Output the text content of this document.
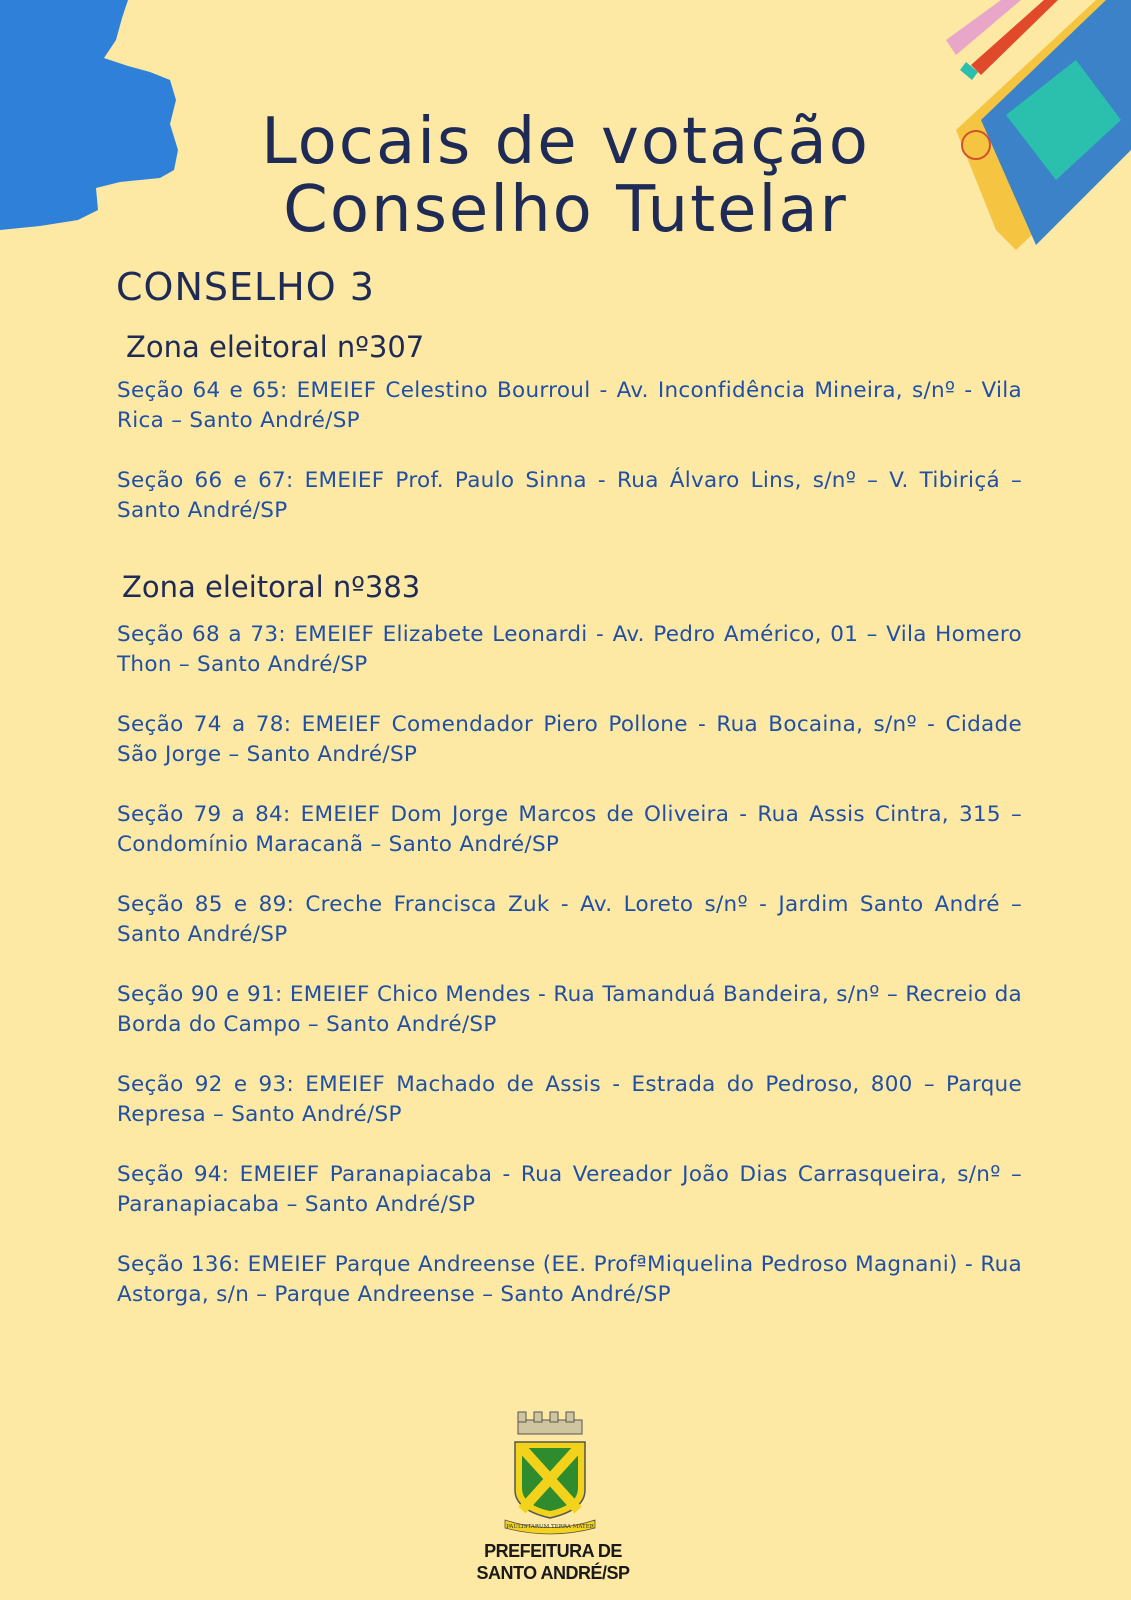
Locais de votação
Conselho Tutelar
CONSELHO 3
Zona eleitoral nº307
Seção 64 e 65: EMEIEF Celestino Bourroul - Av. Inconfidência Mineira, s/nº - Vila Rica – Santo André/SP
Seção 66 e 67: EMEIEF Prof. Paulo Sinna - Rua Álvaro Lins, s/nº – V. Tibiriçá – Santo André/SP
Zona eleitoral nº383
Seção 68 a 73: EMEIEF Elizabete Leonardi - Av. Pedro Américo, 01 – Vila Homero Thon – Santo André/SP
Seção 74 a 78: EMEIEF Comendador Piero Pollone - Rua Bocaina, s/nº - Cidade São Jorge – Santo André/SP
Seção 79 a 84: EMEIEF Dom Jorge Marcos de Oliveira - Rua Assis Cintra, 315 – Condomínio Maracanã – Santo André/SP
Seção 85 e 89: Creche Francisca Zuk - Av. Loreto s/nº - Jardim Santo André – Santo André/SP
Seção 90 e 91: EMEIEF Chico Mendes - Rua Tamanduá Bandeira, s/nº – Recreio da Borda do Campo – Santo André/SP
Seção 92 e 93: EMEIEF Machado de Assis - Estrada do Pedroso, 800 – Parque Represa – Santo André/SP
Seção 94: EMEIEF Paranapiacaba - Rua Vereador João Dias Carrasqueira, s/nº – Paranapiacaba – Santo André/SP
Seção 136: EMEIEF Parque Andreense (EE. ProfªMiquelina Pedroso Magnani) - Rua Astorga, s/n – Parque Andreense – Santo André/SP
PAULISTARUM TERRA MATER
PREFEITURA DE
SANTO ANDRÉ/SP
